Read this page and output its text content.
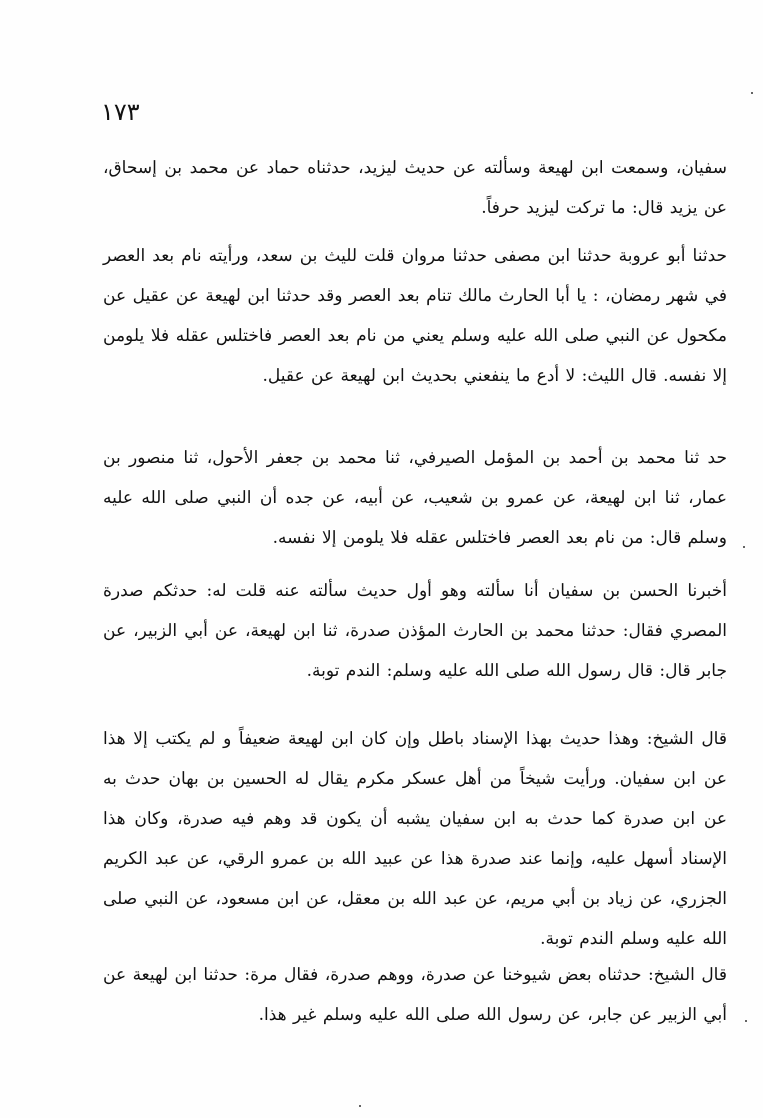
١٧٣
سفيان، وسمعت ابن لهيعة وسألته عن حديث ليزيد، حدثناه حماد عن محمد بن إسحاق، عن يزيد قال: ما تركت ليزيد حرفاً.
حدثنا أبو عروبة حدثنا ابن مصفى حدثنا مروان قلت لليث بن سعد، ورأيته نام بعد العصر في شهر رمضان، : يا أبا الحارث مالك تنام بعد العصر وقد حدثنا ابن لهيعة عن عقيل عن مكحول عن النبي صلى الله عليه وسلم يعني من نام بعد العصر فاختلس عقله فلا يلومن إلا نفسه. قال الليث: لا أدع ما ينفعني بحديث ابن لهيعة عن عقيل.
حد ثنا محمد بن أحمد بن المؤمل الصيرفي، ثنا محمد بن جعفر الأحول، ثنا منصور بن عمار، ثنا ابن لهيعة، عن عمرو بن شعيب، عن أبيه، عن جده أن النبي صلى الله عليه وسلم قال: من نام بعد العصر فاختلس عقله فلا يلومن إلا نفسه.
أخبرنا الحسن بن سفيان أنا سألته وهو أول حديث سألته عنه قلت له: حدثكم صدرة المصري فقال: حدثنا محمد بن الحارث المؤذن صدرة، ثنا ابن لهيعة، عن أبي الزبير، عن جابر قال: قال رسول الله صلى الله عليه وسلم: الندم توبة.
قال الشيخ: وهذا حديث بهذا الإسناد باطل وإن كان ابن لهيعة ضعيفاً و لم يكتب إلا هذا عن ابن سفيان. ورأيت شيخاً من أهل عسكر مكرم يقال له الحسين بن بهان حدث به عن ابن صدرة كما حدث به ابن سفيان يشبه أن يكون قد وهم فيه صدرة، وكان هذا الإسناد أسهل عليه، وإنما عند صدرة هذا عن عبيد الله بن عمرو الرقي، عن عبد الكريم الجزري، عن زياد بن أبي مريم، عن عبد الله بن معقل، عن ابن مسعود، عن النبي صلى الله عليه وسلم الندم توبة.
قال الشيخ: حدثناه بعض شيوخنا عن صدرة، ووهم صدرة، فقال مرة: حدثنا ابن لهيعة عن أبي الزبير عن جابر، عن رسول الله صلى الله عليه وسلم غير هذا.
